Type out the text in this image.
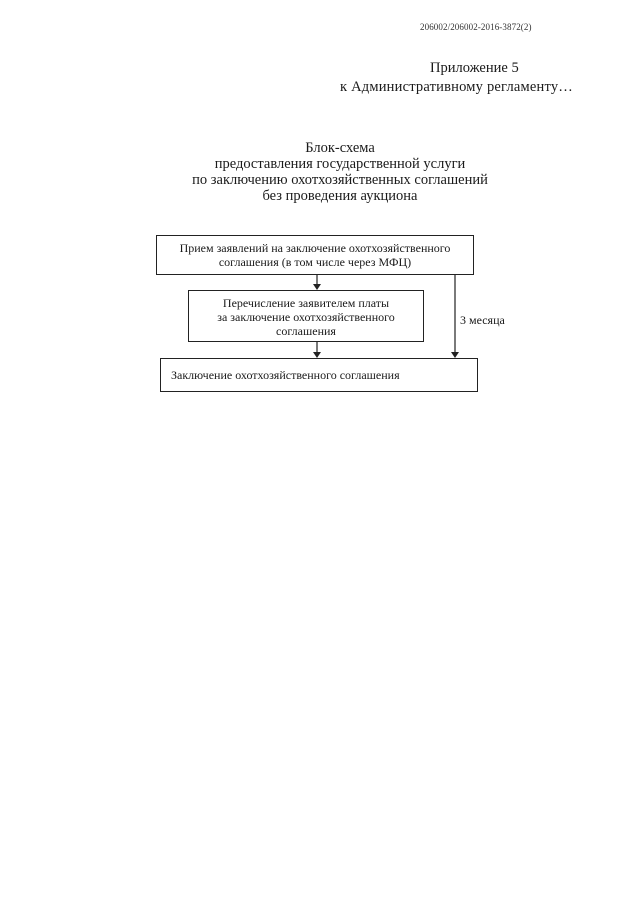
206002/206002-2016-3872(2)
Приложение 5
к Административному регламенту…
Блок-схема
предоставления государственной услуги
по заключению охотхозяйственных соглашений
без проведения аукциона
Прием заявлений на заключение охотхозяйственного
соглашения (в том числе через МФЦ)
Перечисление заявителем платы
за заключение охотхозяйственного
соглашения
Заключение охотхозяйственного соглашения
3 месяца
